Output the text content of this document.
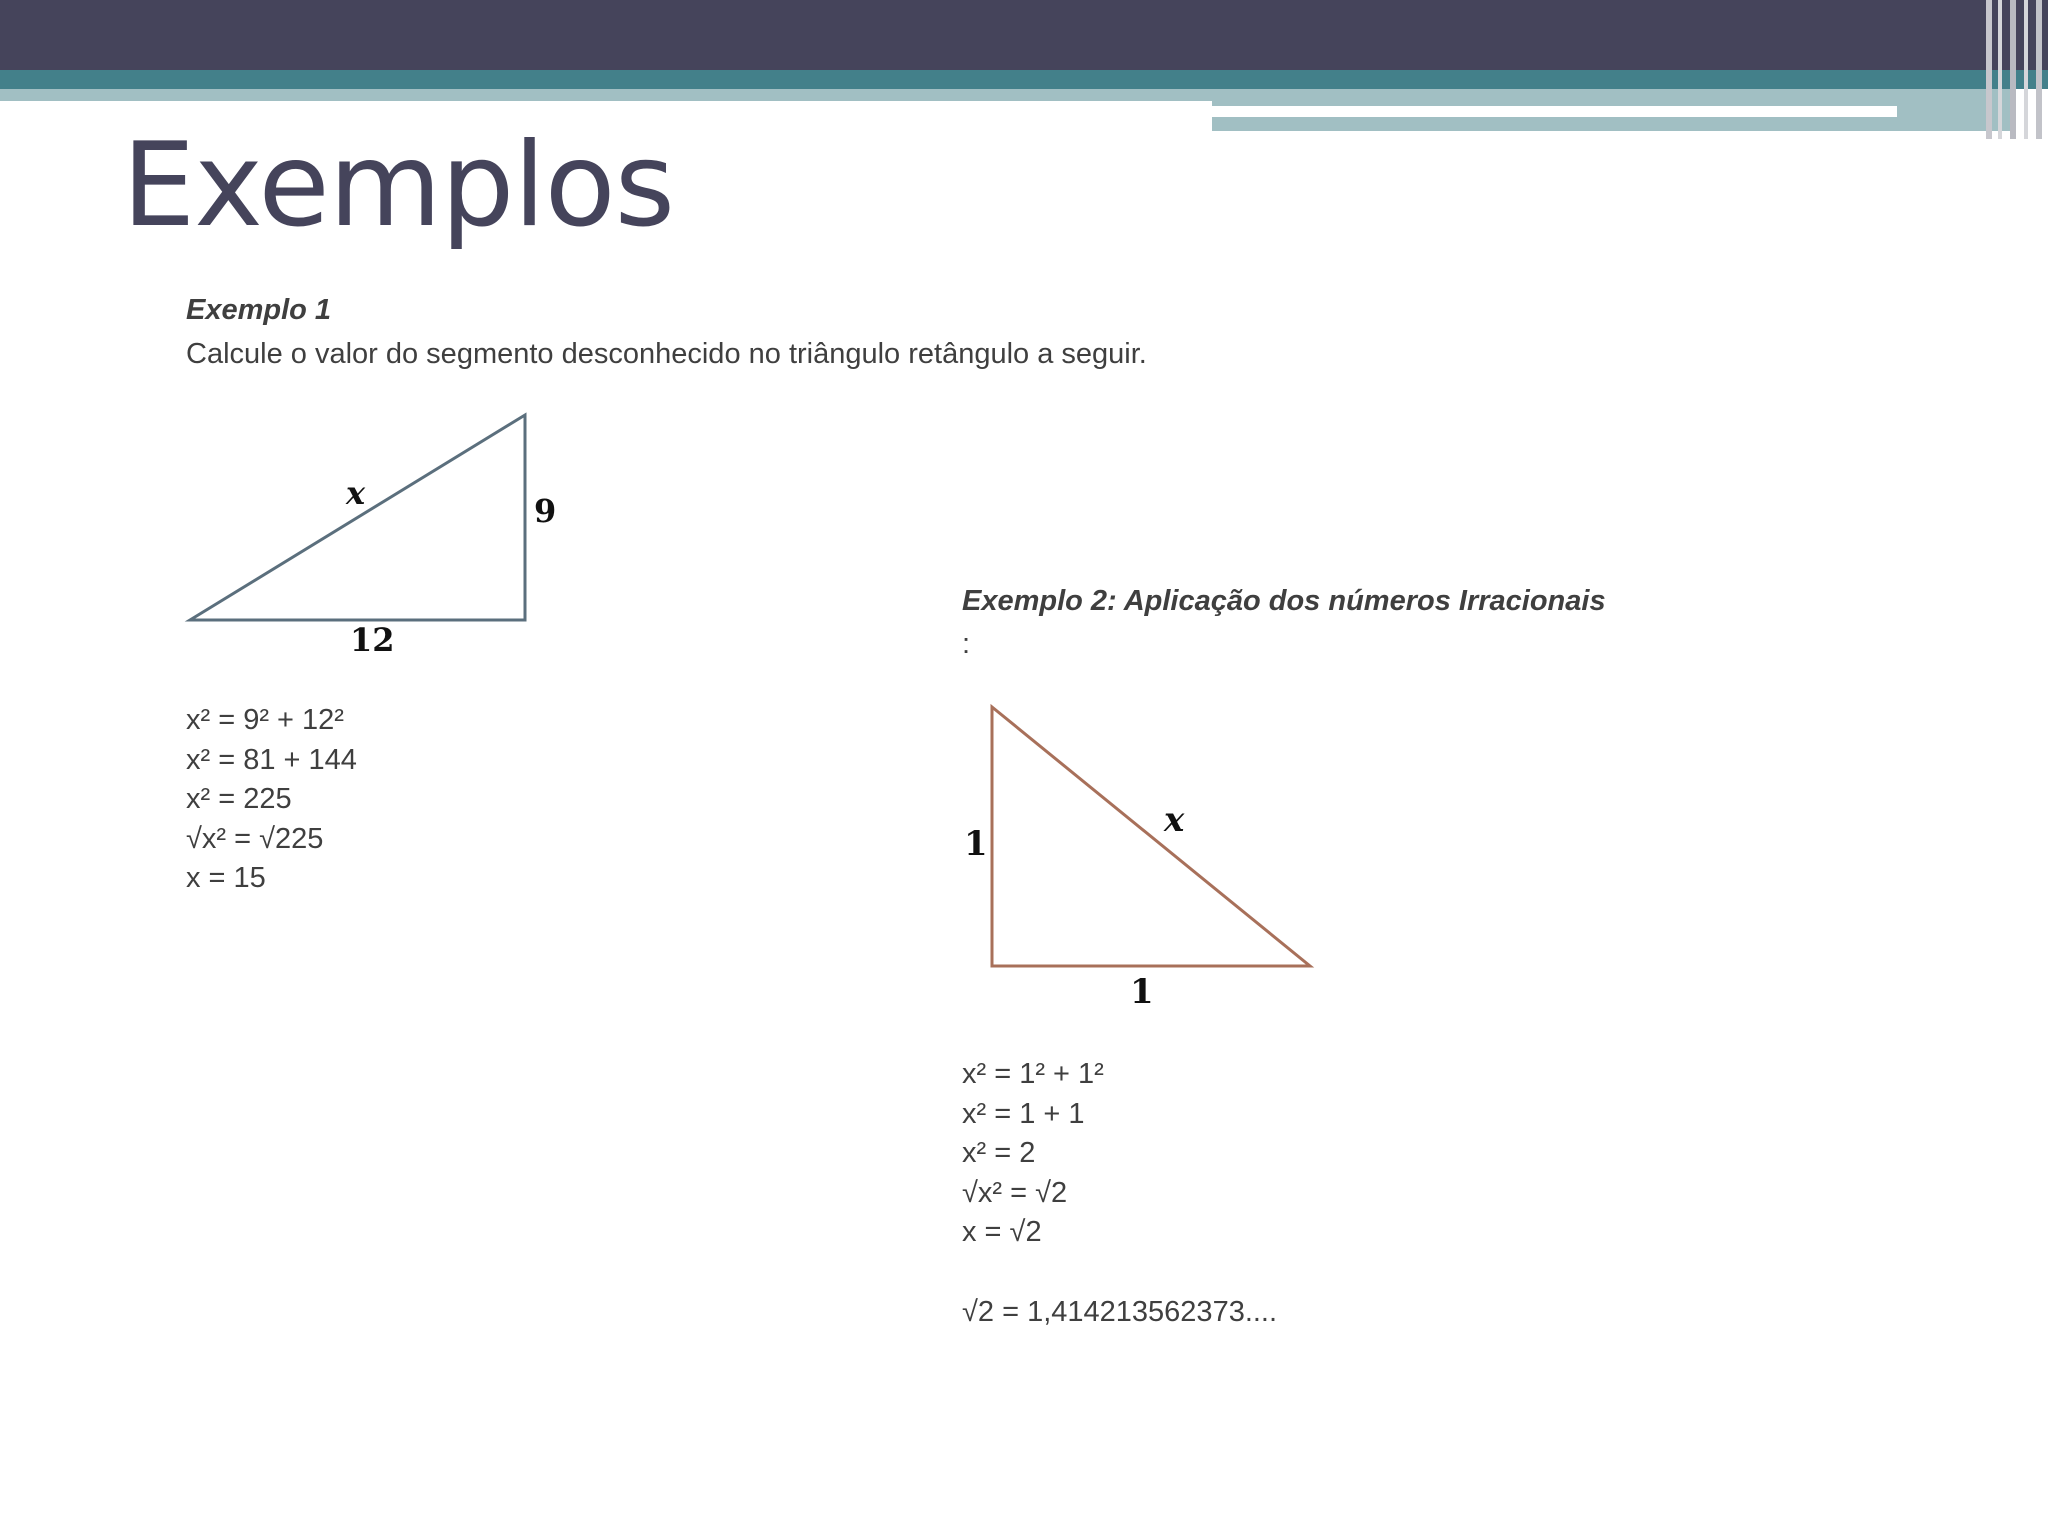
Exemplos
Exemplo 1
Calcule o valor do segmento desconhecido no triângulo retângulo a seguir.
x	9
12
x² = 9² + 12²
x² = 81 + 144
x² = 225
√x² = √225
x = 15
Exemplo 2: Aplicação dos números Irracionais
:
1
x
1
x² = 1² + 1²
x² = 1 + 1
x² = 2
√x² = √2
x = √2
√2 = 1,414213562373....
